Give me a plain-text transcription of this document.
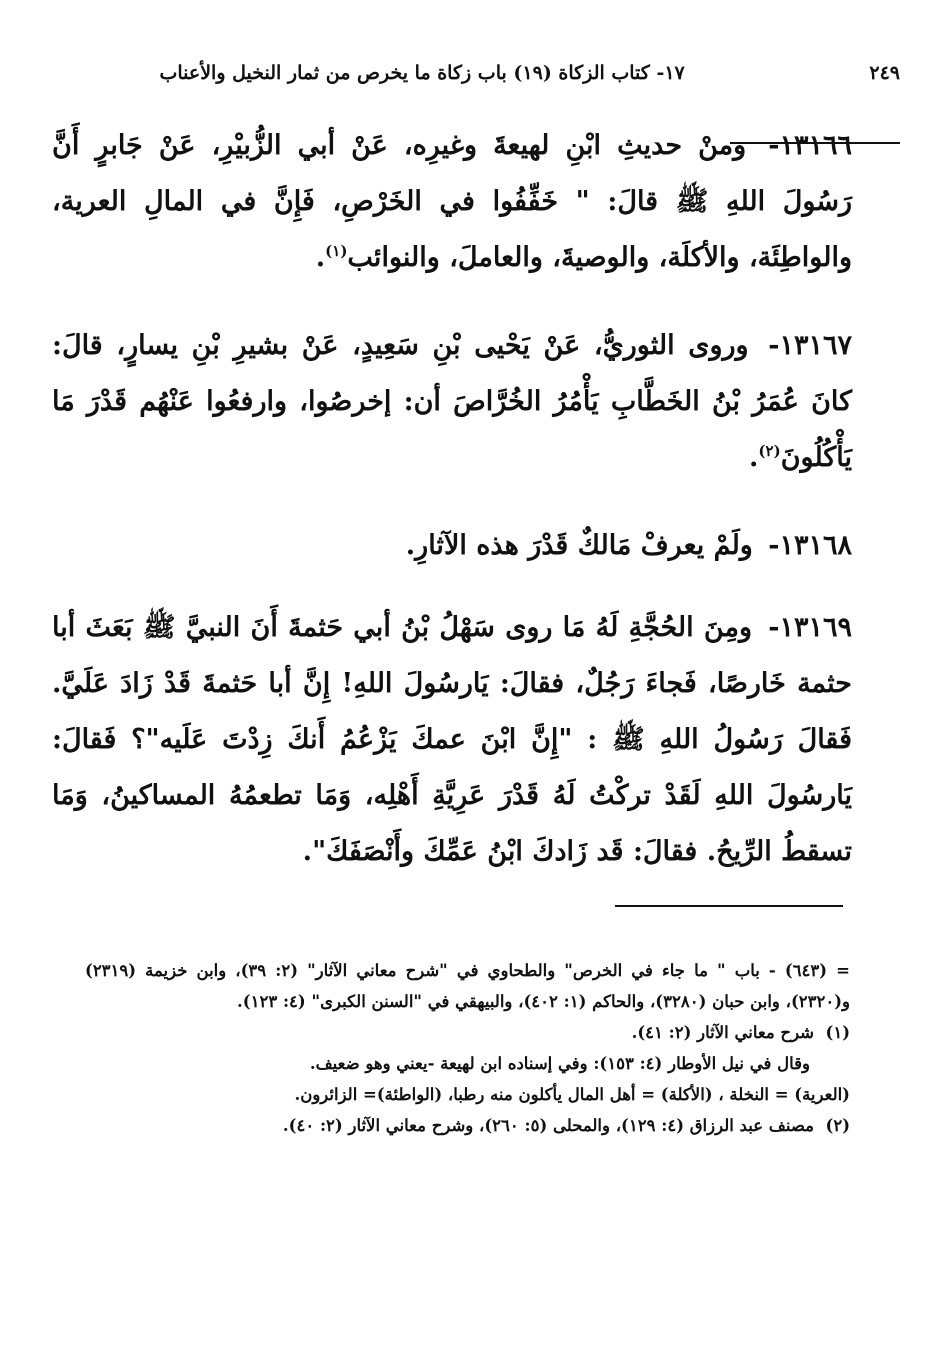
٢٤٩ ١٧- كتاب الزكاة (١٩) باب زكاة ما يخرص من ثمار النخيل والأعناب

١٣١٦٦- ومنْ حديثِ ابْنِ لهيعةَ وغيرِه، عَنْ أبي الزُّبيْرِ، عَنْ جَابرٍ أَنَّ رَسُولَ اللهِ ﷺ قالَ: " خَفِّفُوا في الخَرْصِ، فَإِنَّ في المالِ العرية، والواطِئَة، والأكلَة، والوصيةَ، والعاملَ، والنوائب$^{(١)}$.

١٣١٦٧- وروى الثوريُّ، عَنْ يَحْيى بْنِ سَعِيدٍ، عَنْ بشيرِ بْنِ يسارٍ، قالَ: كانَ عُمَرُ بْنُ الخَطَّابِ يَأْمُرُ الخُرَّاصَ أن: إخرصُوا، وارفعُوا عَنْهُم قَدْرَ مَا يَأْكُلُونَ$^{(٢)}$.

١٣١٦٨- ولَمْ يعرفْ مَالكٌ قَدْرَ هذه الآثارِ.

١٣١٦٩- ومِنَ الحُجَّةِ لَهُ مَا روى سَهْلُ بْنُ أبي حَثمةَ أَنَ النبيَّ ﷺ بَعَثَ أبا حثمة خَارصًا، فَجاءَ رَجُلٌ، فقالَ: يَارسُولَ اللهِ! إِنَّ أبا حَثمةَ قَدْ زَادَ عَلَيَّ. فَقالَ رَسُولُ اللهِ ﷺ : "إِنَّ ابْنَ عمكَ يَزْعُمُ أَنكَ زِدْتَ عَلَيه"؟ فَقالَ: يَارسُولَ اللهِ لَقَدْ تركْتُ لَهُ قَدْرَ عَرِيَّةِ أَهْلِه، وَمَا تطعمُهُ المساكينُ، وَمَا تسقطُ الرِّيحُ. فقالَ: قَد زَادكَ ابْنُ عَمِّكَ وأَنْصَفَكَ".

= (٦٤٣) - باب " ما جاء في الخرص" والطحاوي في "شرح معاني الآثار" (٢: ٣٩)، وابن خزيمة (٢٣١٩) و(٢٣٢٠)، وابن حبان (٣٢٨٠)، والحاكم (١: ٤٠٢)، والبيهقي في "السنن الكبرى" (٤: ١٢٣).

(١)شرح معاني الآثار (٢: ٤١).

وقال في نيل الأوطار (٤: ١٥٣): وفي إسناده ابن لهيعة -يعني وهو ضعيف.

(العرية) = النخلة ، (الأكلة) = أهل المال يأكلون منه رطبا، (الواطئة)= الزائرون.

(٢)مصنف عبد الرزاق (٤: ١٢٩)، والمحلى (٥: ٢٦٠)، وشرح معاني الآثار (٢: ٤٠).
